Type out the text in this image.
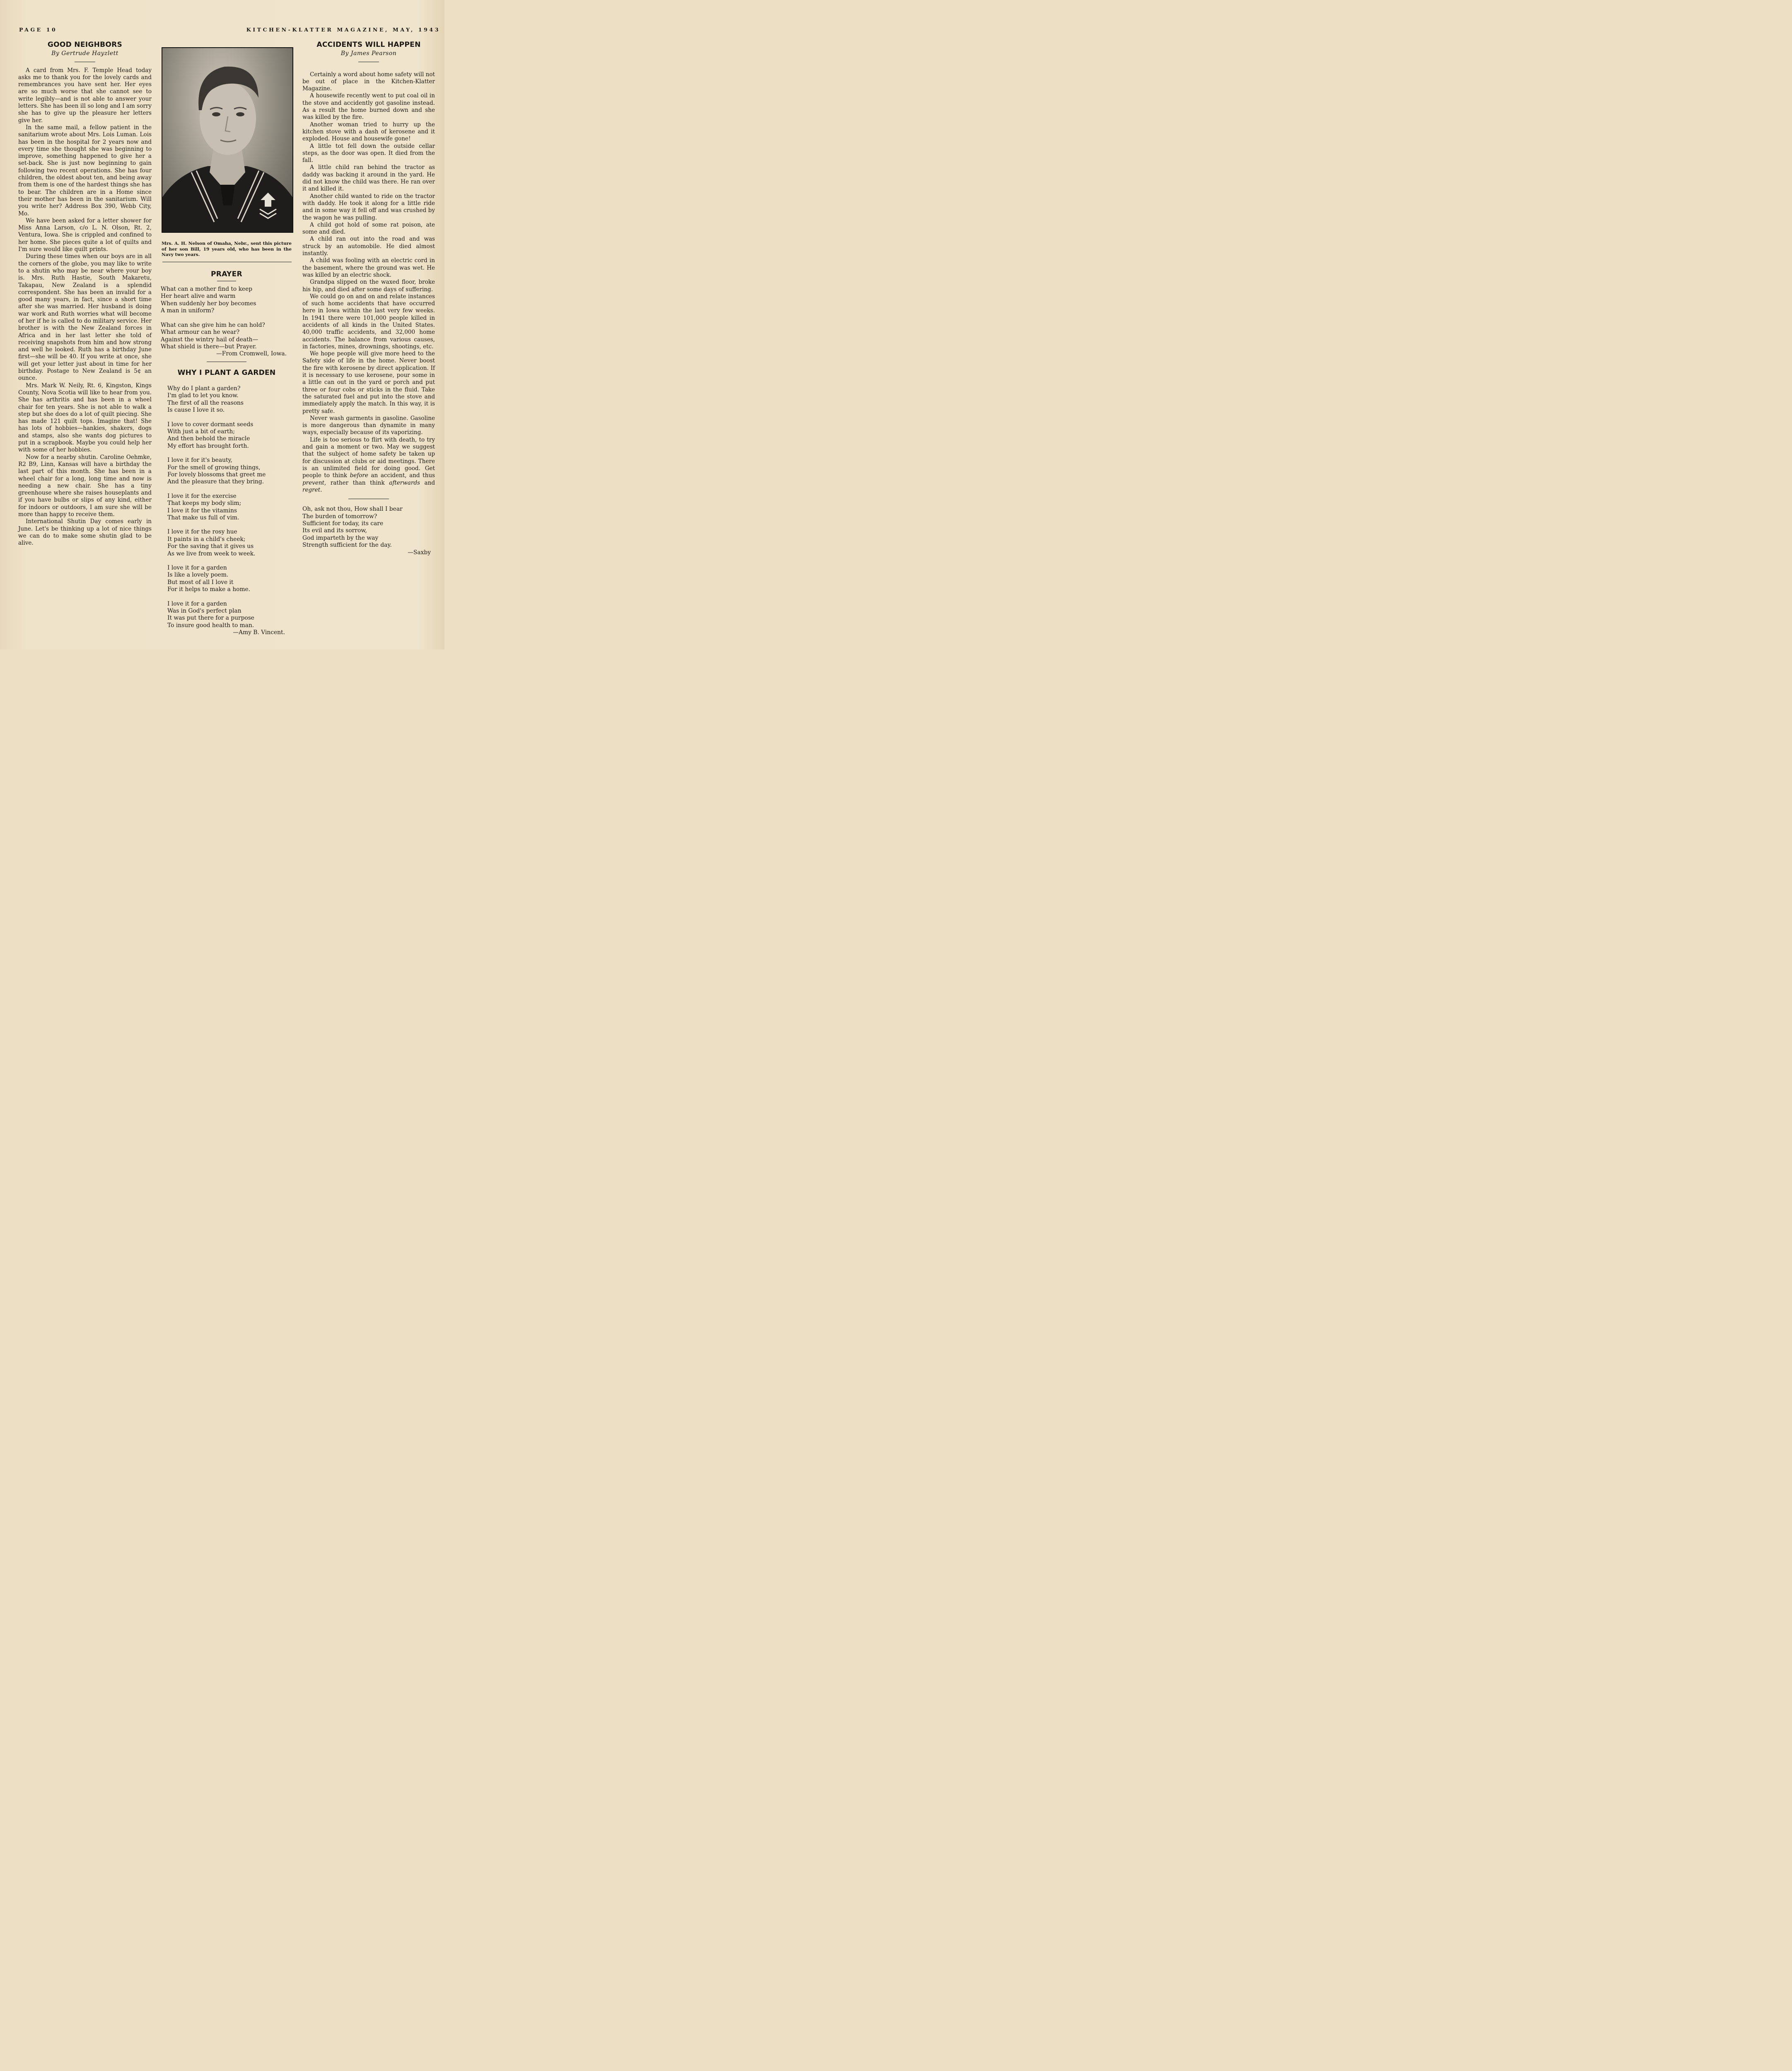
PAGE 10	KITCHEN-KLATTER MAGAZINE, MAY, 1943
GOOD NEIGHBORS
By Gertrude Hayzlett

A card from Mrs. F. Temple Head today asks me to thank you for the lovely cards and remembrances you have sent her. Her eyes are so much worse that she cannot see to write legibly—and is not able to answer your letters. She has been ill so long and I am sorry she has to give up the pleasure her letters give her.

In the same mail, a fellow patient in the sanitarium wrote about Mrs. Lois Luman. Lois has been in the hospital for 2 years now and every time she thought she was beginning to improve, something happened to give her a set-back. She is just now beginning to gain following two recent operations. She has four children, the oldest about ten, and being away from them is one of the hardest things she has to bear. The children are in a Home since their mother has been in the sanitarium. Will you write her? Address Box 390, Webb City, Mo.

We have been asked for a letter shower for Miss Anna Larson, c/o L. N. Olson, Rt. 2, Ventura, Iowa. She is crippled and confined to her home. She pieces quite a lot of quilts and I'm sure would like quilt prints.

During these times when our boys are in all the corners of the globe, you may like to write to a shutin who may be near where your boy is. Mrs. Ruth Hastie, South Makaretu, Takapau, New Zealand is a splendid correspondent. She has been an invalid for a good many years, in fact, since a short time after she was married. Her husband is doing war work and Ruth worries what will become of her if he is called to do military service. Her brother is with the New Zealand forces in Africa and in her last letter she told of receiving snapshots from him and how strong and well he looked. Ruth has a birthday June first—she will be 40. If you write at once, she will get your letter just about in time for her birthday. Postage to New Zealand is 5¢ an ounce.

Mrs. Mark W. Neily, Rt. 6, Kingston, Kings County, Nova Scotia will like to hear from you. She has arthritis and has been in a wheel chair for ten years. She is not able to walk a step but she does do a lot of quilt piecing. She has made 121 quilt tops. Imagine that! She has lots of hobbies—hankies, shakers, dogs and stamps, also she wants dog pictures to put in a scrapbook. Maybe you could help her with some of her hobbies.

Now for a nearby shutin. Caroline Oehmke, R2 B9, Linn, Kansas will have a birthday the last part of this month. She has been in a wheel chair for a long, long time and now is needing a new chair. She has a tiny greenhouse where she raises houseplants and if you have bulbs or slips of any kind, either for indoors or outdoors, I am sure she will be more than happy to receive them.

International Shutin Day comes early in June. Let's be thinking up a lot of nice things we can do to make some shutin glad to be alive.

Mrs. A. H. Nelson of Omaha, Nebr., sent this picture of her son Bill, 19 years old, who has been in the Navy two years.
PRAYER
What can a mother find to keep
Her heart alive and warm
When suddenly her boy becomes
A man in uniform?
What can she give him he can hold?
What armour can he wear?
Against the wintry hail of death—
What shield is there—but Prayer.
—From Cromwell, Iowa.
WHY I PLANT A GARDEN
Why do I plant a garden?
I'm glad to let you know.
The first of all the reasons
Is cause I love it so.
I love to cover dormant seeds
With just a bit of earth;
And then behold the miracle
My effort has brought forth.
I love it for it's beauty,
For the smell of growing things,
For lovely blossoms that greet me
And the pleasure that they bring.
I love it for the exercise
That keeps my body slim;
I love it for the vitamins
That make us full of vim.
I love it for the rosy hue
It paints in a child's cheek;
For the saving that it gives us
As we live from week to week.
I love it for a garden
Is like a lovely poem.
But most of all I love it
For it helps to make a home.
I love it for a garden
Was in God's perfect plan
It was put there for a purpose
To insure good health to man.
—Amy B. Vincent.
ACCIDENTS WILL HAPPEN
By James Pearson

Certainly a word about home safety will not be out of place in the Kitchen-Klatter Magazine.

A housewife recently went to put coal oil in the stove and accidently got gasoline instead. As a result the home burned down and she was killed by the fire.

Another woman tried to hurry up the kitchen stove with a dash of kerosene and it exploded. House and housewife gone!

A little tot fell down the outside cellar steps, as the door was open. It died from the fall.

A little child ran behind the tractor as daddy was backing it around in the yard. He did not know the child was there. He ran over it and killed it.

Another child wanted to ride on the tractor with daddy. He took it along for a little ride and in some way it fell off and was crushed by the wagon he was pulling.

A child got hold of some rat poison, ate some and died.

A child ran out into the road and was struck by an automobile. He died almost instantly.

A child was fooling with an electric cord in the basement, where the ground was wet. He was killed by an electric shock.

Grandpa slipped on the waxed floor, broke his hip, and died after some days of suffering.

We could go on and on and relate instances of such home accidents that have occurred here in Iowa within the last very few weeks. In 1941 there were 101,000 people killed in accidents of all kinds in the United States. 40,000 traffic accidents, and 32,000 home accidents. The balance from various causes, in factories, mines, drownings, shootings, etc.

We hope people will give more heed to the Safety side of life in the home. Never boost the fire with kerosene by direct application. If it is necessary to use kerosene, pour some in a little can out in the yard or porch and put three or four cobs or sticks in the fluid. Take the saturated fuel and put into the stove and immediately apply the match. In this way, it is pretty safe.

Never wash garments in gasoline. Gasoline is more dangerous than dynamite in many ways, especially because of its vaporizing.

Life is too serious to flirt with death, to try and gain a moment or two. May we suggest that the subject of home safety be taken up for discussion at clubs or aid meetings. There is an unlimited field for doing good. Get people to think before an accident, and thus prevent, rather than think afterwards and regret.

Oh, ask not thou, How shall I bear
The burden of tomorrow?
Sufficient for today, its care
Its evil and its sorrow,
God imparteth by the way
Strength sufficient for the day.
—Saxby
